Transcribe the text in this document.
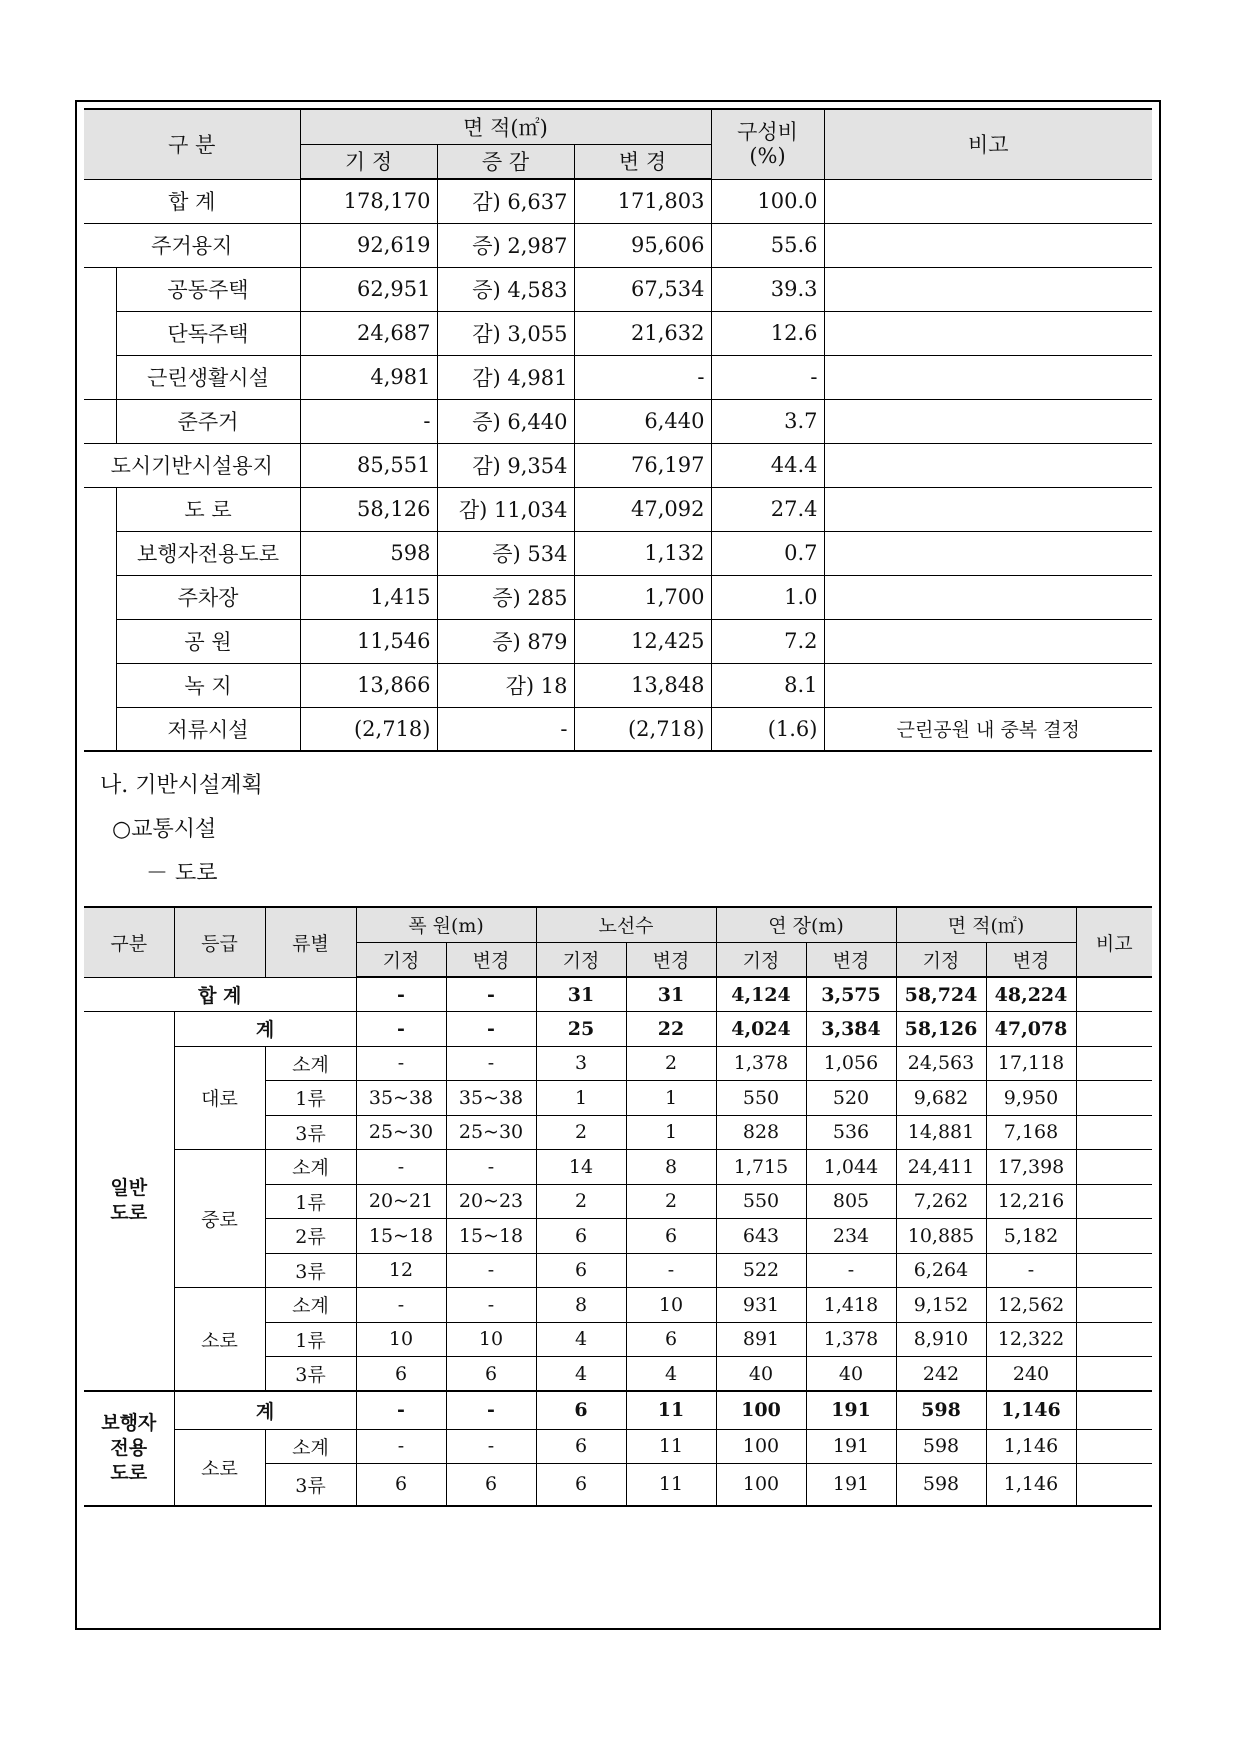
구 분		면 적(㎡)			구성비
(%)	비고
		기 정	증 감	변 경		
합 계		178,170	감) 6,637	171,803	100.0	
주거용지		92,619	증) 2,987	95,606	55.6	
	공동주택	62,951	증) 4,583	67,534	39.3	
	단독주택	24,687	감) 3,055	21,632	12.6	
	근린생활시설	4,981	감) 4,981	-	-	
	준주거	-	증) 6,440	6,440	3.7	
도시기반시설용지		85,551	감) 9,354	76,197	44.4	
	도 로	58,126	감) 11,034	47,092	27.4	
	보행자전용도로	598	증) 534	1,132	0.7	
	주차장	1,415	증) 285	1,700	1.0	
	공 원	11,546	증) 879	12,425	7.2	
	녹 지	13,866	감) 18	13,848	8.1	
	저류시설	(2,718)	-	(2,718)	(1.6)	근린공원 내 중복 결정
나. 기반시설계획
○교통시설
－ 도로
구분	등급	류별	폭 원(m)		노선수		연 장(m)		면 적(㎡)		비고
			기정	변경	기정	변경	기정	변경	기정	변경	
합 계			-	-	31	31	4,124	3,575	58,724	48,224	
일반
도로	계		-	-	25	22	4,024	3,384	58,126	47,078	
	대로	소계	-	-	3	2	1,378	1,056	24,563	17,118	
		1류	35~38	35~38	1	1	550	520	9,682	9,950	
		3류	25~30	25~30	2	1	828	536	14,881	7,168	
	중로	소계	-	-	14	8	1,715	1,044	24,411	17,398	
		1류	20~21	20~23	2	2	550	805	7,262	12,216	
		2류	15~18	15~18	6	6	643	234	10,885	5,182	
		3류	12	-	6	-	522	-	6,264	-	
	소로	소계	-	-	8	10	931	1,418	9,152	12,562	
		1류	10	10	4	6	891	1,378	8,910	12,322	
		3류	6	6	4	4	40	40	242	240	
보행자
전용
도로	계		-	-	6	11	100	191	598	1,146	
	소로	소계	-	-	6	11	100	191	598	1,146	
		3류	6	6	6	11	100	191	598	1,146	
